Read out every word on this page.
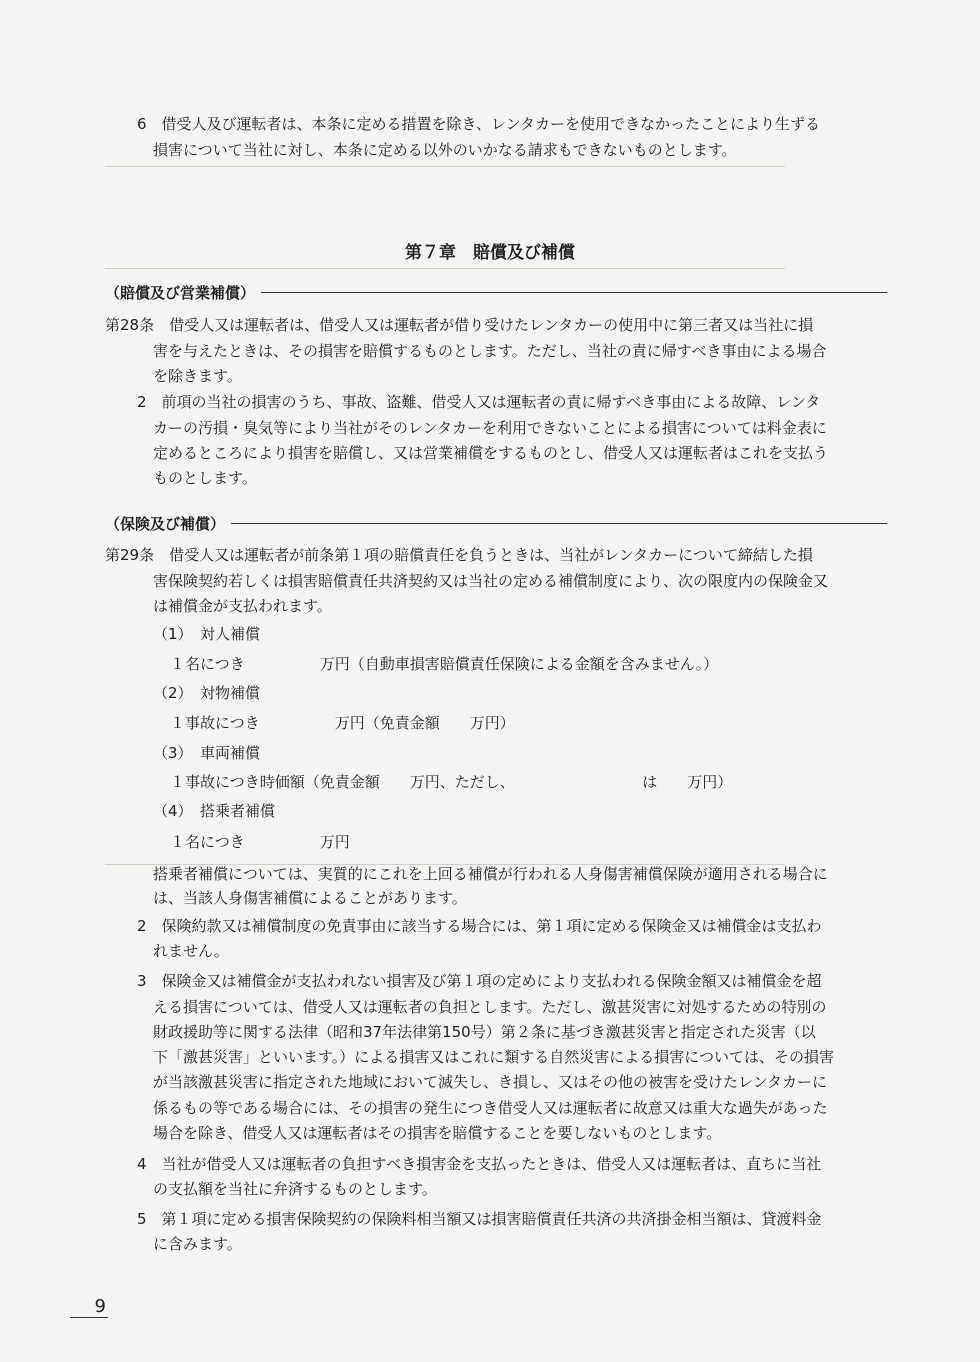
6　借受人及び運転者は、本条に定める措置を除き、レンタカーを使用できなかったことにより生ずる
損害について当社に対し、本条に定める以外のいかなる請求もできないものとします。
第７章　賠償及び補償
（賠償及び営業補償）
第28条　借受人又は運転者は、借受人又は運転者が借り受けたレンタカーの使用中に第三者又は当社に損
害を与えたときは、その損害を賠償するものとします。ただし、当社の責に帰すべき事由による場合
を除きます。
2　前項の当社の損害のうち、事故、盗難、借受人又は運転者の責に帰すべき事由による故障、レンタ
カーの汚損・臭気等により当社がそのレンタカーを利用できないことによる損害については料金表に
定めるところにより損害を賠償し、又は営業補償をするものとし、借受人又は運転者はこれを支払う
ものとします。
（保険及び補償）
第29条　借受人又は運転者が前条第１項の賠償責任を負うときは、当社がレンタカーについて締結した損
害保険契約若しくは損害賠償責任共済契約又は当社の定める補償制度により、次の限度内の保険金又
は補償金が支払われます。
（1）　対人補償
１名につき　　　　　万円（自動車損害賠償責任保険による金額を含みません。）
（2）　対物補償
１事故につき　　　　　万円（免責金額　　万円）
（3）　車両補償
１事故につき時価額（免責金額　　万円、ただし、　　　　　　　　　は　　万円）
（4）　搭乗者補償
１名につき　　　　　万円
搭乗者補償については、実質的にこれを上回る補償が行われる人身傷害補償保険が適用される場合に
は、当該人身傷害補償によることがあります。
2　保険約款又は補償制度の免責事由に該当する場合には、第１項に定める保険金又は補償金は支払わ
れません。
3　保険金又は補償金が支払われない損害及び第１項の定めにより支払われる保険金額又は補償金を超
える損害については、借受人又は運転者の負担とします。ただし、激甚災害に対処するための特別の
財政援助等に関する法律（昭和37年法律第150号）第２条に基づき激甚災害と指定された災害（以
下「激甚災害」といいます。）による損害又はこれに類する自然災害による損害については、その損害
が当該激甚災害に指定された地域において滅失し、き損し、又はその他の被害を受けたレンタカーに
係るもの等である場合には、その損害の発生につき借受人又は運転者に故意又は重大な過失があった
場合を除き、借受人又は運転者はその損害を賠償することを要しないものとします。
4　当社が借受人又は運転者の負担すべき損害金を支払ったときは、借受人又は運転者は、直ちに当社
の支払額を当社に弁済するものとします。
5　第１項に定める損害保険契約の保険料相当額又は損害賠償責任共済の共済掛金相当額は、貸渡料金
に含みます。
9
